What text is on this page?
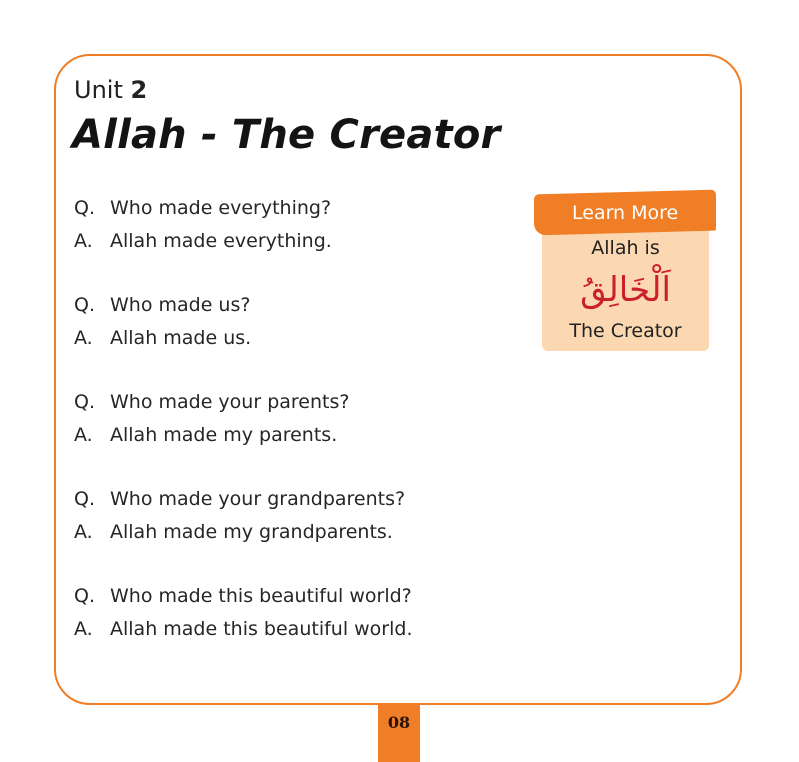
Unit 2
Allah - The Creator
Q. Who made everything?
A. Allah made everything.
Q. Who made us?
A. Allah made us.
Q. Who made your parents?
A. Allah made my parents.
Q. Who made your grandparents?
A. Allah made my grandparents.
Q. Who made this beautiful world?
A. Allah made this beautiful world.
Learn More
Allah is
اَلْخَالِقُ
The Creator
08
